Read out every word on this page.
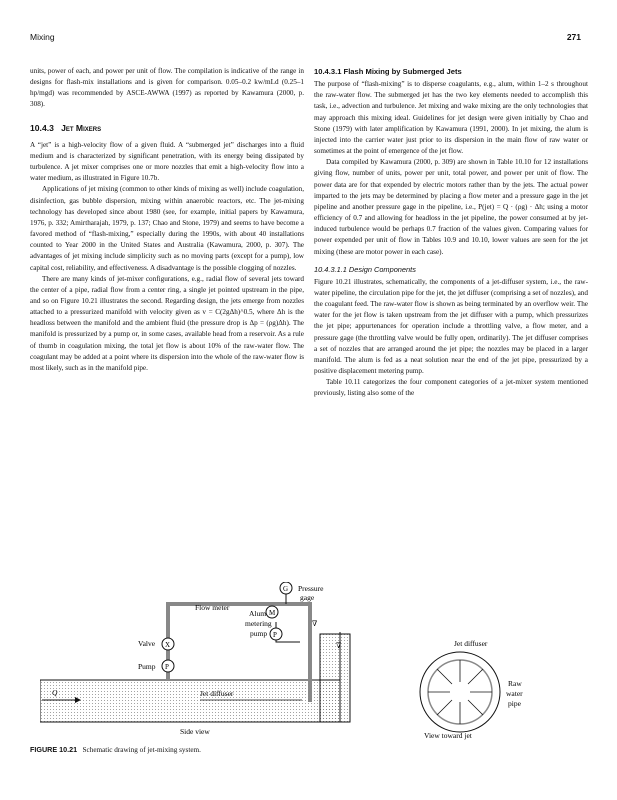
Mixing	271

units, power of each, and power per unit of flow. The compilation is indicative of the range in designs for flash-mix installations and is given for comparison. 0.05–0.2 kw/mLd (0.25–1 hp/mgd) was recommended by ASCE-AWWA (1997) as reported by Kawamura (2000, p. 308).

10.4.3 Jet Mixers

A “jet” is a high-velocity flow of a given fluid. A “submerged jet” discharges into a fluid medium and is characterized by significant penetration, with its energy being dissipated by turbulence. A jet mixer comprises one or more nozzles that emit a high-velocity flow into a water medium, as illustrated in Figure 10.7b.

Applications of jet mixing (common to other kinds of mixing as well) include coagulation, disinfection, gas bubble dispersion, mixing within anaerobic reactors, etc. The jet-mixing technology has developed since about 1980 (see, for example, initial papers by Kawamura, 1976, p. 332; Amirtharajah, 1979, p. 137; Chao and Stone, 1979) and seems to have become a favored method of “flash-mixing,” especially during the 1990s, with about 40 installations counted to Year 2000 in the United States and Australia (Kawamura, 2000, p. 307). The advantages of jet mixing include simplicity such as no moving parts (except for a pump), low capital cost, reliability, and effectiveness. A disadvantage is the possible clogging of nozzles.

There are many kinds of jet-mixer configurations, e.g., radial flow of several jets toward the center of a pipe, radial flow from a center ring, a single jet pointed upstream in the pipe, and so on Figure 10.21 illustrates the second. Regarding design, the jets emerge from nozzles attached to a pressurized manifold with velocity given as v = C(2gΔh)^0.5, where Δh is the headloss between the manifold and the ambient fluid (the pressure drop is Δp = (ρg)Δh). The manifold is pressurized by a pump or, in some cases, available head from a reservoir. As a rule of thumb in coagulation mixing, the total jet flow is about 10% of the raw-water flow. The coagulant may be added at a point where its dispersion into the whole of the raw-water flow is most likely, such as in the manifold pipe.

10.4.3.1 Flash Mixing by Submerged Jets

The purpose of “flash-mixing” is to disperse coagulants, e.g., alum, within 1–2 s throughout the raw-water flow. The submerged jet has the two key elements needed to accomplish this task, i.e., advection and turbulence. Jet mixing and wake mixing are the only technologies that may approach this mixing ideal. Guidelines for jet design were given initially by Chao and Stone (1979) with later amplification by Kawamura (1991, 2000). In jet mixing, the alum is injected into the carrier water just prior to its dispersion in the main flow of raw water or sometimes at the point of emergence of the jet flow.

Data compiled by Kawamura (2000, p. 309) are shown in Table 10.10 for 12 installations giving flow, number of units, power per unit, total power, and power per unit of flow. The power data are for that expended by electric motors rather than by the jets. The actual power imparted to the jets may be determined by placing a flow meter and a pressure gage in the jet pipeline and another pressure gage in the pipeline, i.e., P(jet) = Q · (ρg) · Δh; using a motor efficiency of 0.7 and allowing for headloss in the jet pipeline, the power consumed at by jet-induced turbulence would be perhaps 0.7 fraction of the values given. Comparing values for power expended per unit of flow in Tables 10.9 and 10.10, lower values are seen for the jet mixing (these are motor power in each case).

10.4.3.1.1 Design Components

Figure 10.21 illustrates, schematically, the components of a jet-diffuser system, i.e., the raw-water pipeline, the circulation pipe for the jet, the jet diffuser (comprising a set of nozzles), and the coagulant feed. The raw-water flow is shown as being terminated by an overflow weir. The water for the jet flow is taken upstream from the jet diffuser with a pump, which pressurizes the jet pipe; appurtenances for operation include a throttling valve, a flow meter, and a pressure gage (the throttling valve would be fully open, ordinarily). The jet diffuser comprises a set of nozzles that are arranged around the jet pipe; the nozzles may be placed in a larger manifold. The alum is fed as a neat solution near the end of the jet pipe, pressurized by a positive displacement metering pump.

Table 10.11 categorizes the four component categories of a jet-mixer system mentioned previously, listing also some of the

Flow meter
M
G Pressure
gage
Alum
metering
pump P
Valve X
Pump P
Q	Jet diffuser
Side view
∇
∇	Jet diffuser
Raw
water
pipe
View toward jet
FIGURE 10.21 Schematic drawing of jet-mixing system.
